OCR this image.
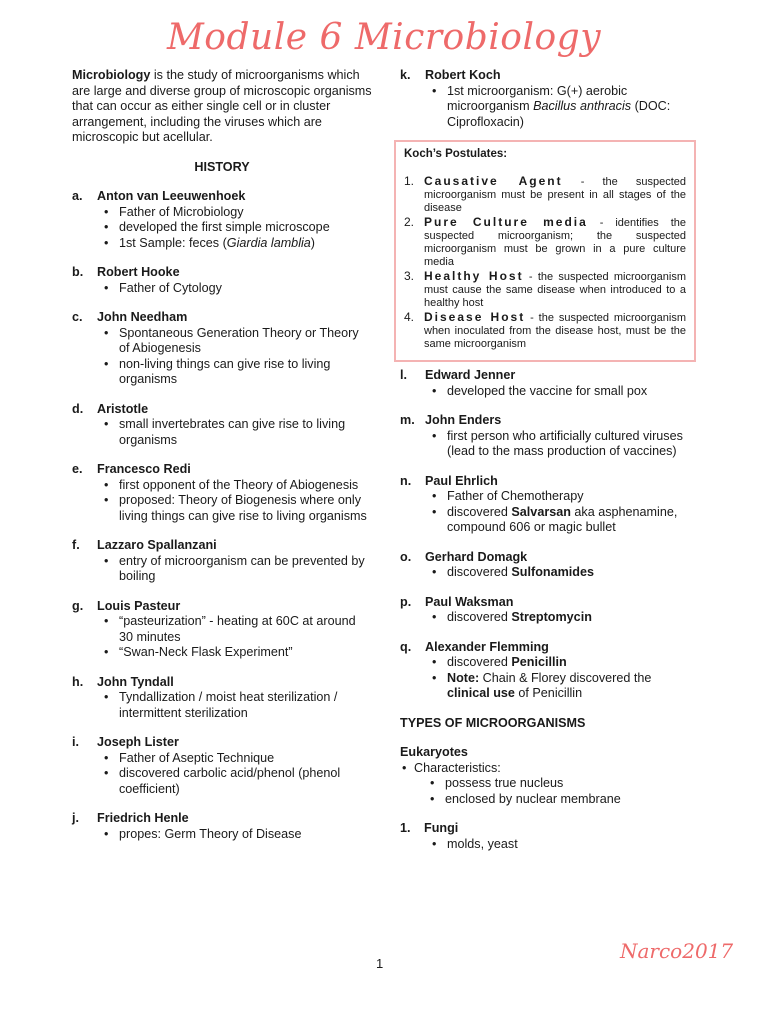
Module 6 Microbiology

Microbiology is the study of microorganisms which are large and diverse group of microscopic organisms that can occur as either single cell or in cluster arrangement, including the viruses which are microscopic but acellular.

HISTORY
a.	Anton van Leeuwenhoek
• Father of Microbiology
• developed the first simple microscope
• 1st Sample: feces (Giardia lamblia)
b.	Robert Hooke
• Father of Cytology
c.	John Needham
• Spontaneous Generation Theory or Theory of Abiogenesis
• non-living things can give rise to living organisms
d.	Aristotle
• small invertebrates can give rise to living organisms
e.	Francesco Redi
• first opponent of the Theory of Abiogenesis
• proposed: Theory of Biogenesis where only living things can give rise to living organisms
f.	Lazzaro Spallanzani
• entry of microorganism can be prevented by boiling
g.	Louis Pasteur
• “pasteurization” - heating at 60C at around 30 minutes
• “Swan-Neck Flask Experiment”
h.	John Tyndall
• Tyndallization / moist heat sterilization / intermittent sterilization
i.	Joseph Lister
• Father of Aseptic Technique
• discovered carbolic acid/phenol (phenol coefficient)
j.	Friedrich Henle
• propes: Germ Theory of Disease
k.	Robert Koch
• 1st microorganism: G(+) aerobic microorganism Bacillus anthracis (DOC: Ciprofloxacin)
Koch’s Postulates:
1. Causative Agent - the suspected microorganism must be present in all stages of the disease
2. Pure Culture media - identifies the suspected microorganism; the suspected microorganism must be grown in a pure culture media
3. Healthy Host - the suspected microorganism must cause the same disease when introduced to a healthy host
4. Disease Host - the suspected microorganism when inoculated from the disease host, must be the same microorganism
l.	Edward Jenner
• developed the vaccine for small pox
m. John Enders
• first person who artificially cultured viruses (lead to the mass production of vaccines)
n.	Paul Ehrlich
• Father of Chemotherapy
• discovered Salvarsan aka asphenamine, compound 606 or magic bullet
o.	Gerhard Domagk
• discovered Sulfonamides
p.	Paul Waksman
• discovered Streptomycin
q.	Alexander Flemming
• discovered Penicillin
• Note: Chain & Florey discovered the clinical use of Penicillin
TYPES OF MICROORGANISMS
Eukaryotes
• Characteristics:
• possess true nucleus
• enclosed by nuclear membrane
1.	Fungi
• molds, yeast
1
Narco2017
